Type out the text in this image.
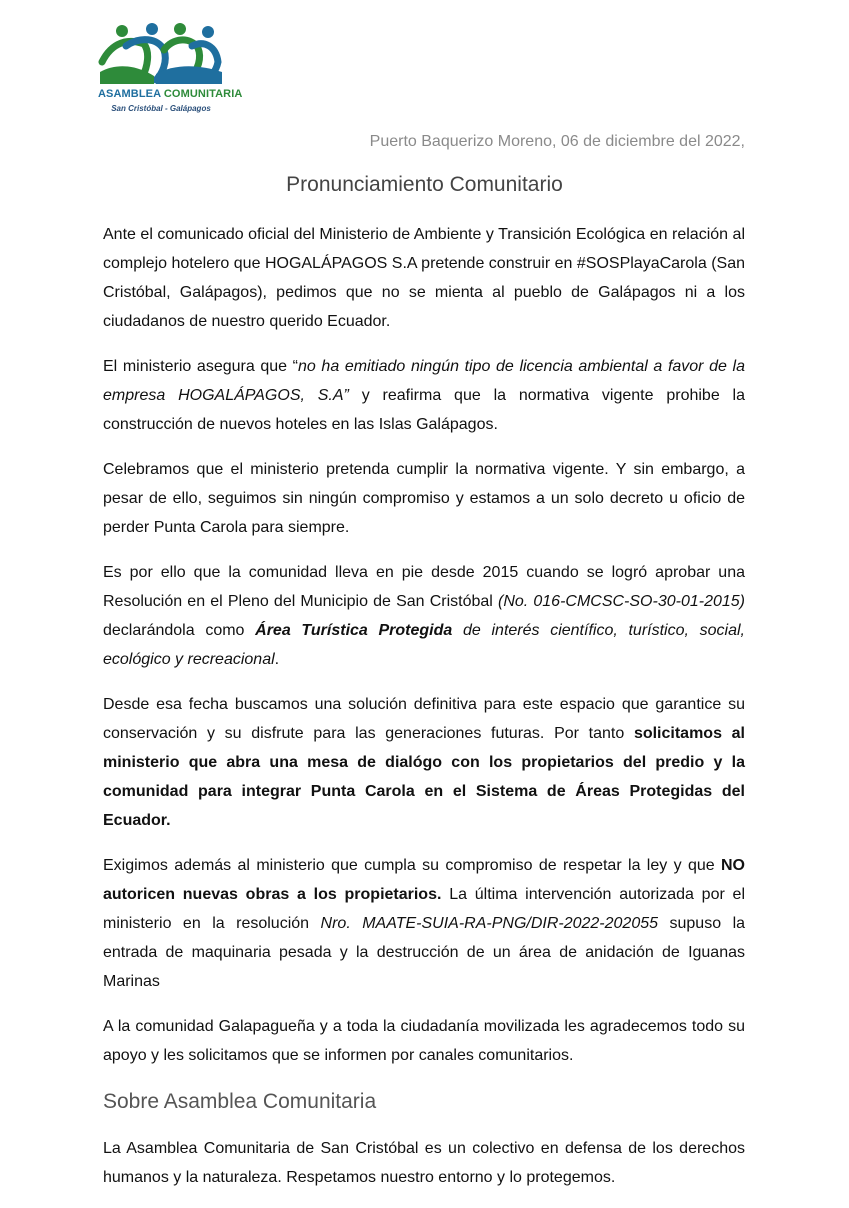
ASAMBLEA COMUNITARIA
San Cristóbal - Galápagos
Puerto Baquerizo Moreno, 06 de diciembre del 2022,
Pronunciamiento Comunitario

Ante el comunicado oficial del Ministerio de Ambiente y Transición Ecológica en relación al complejo hotelero que HOGALÁPAGOS S.A pretende construir en #SOSPlayaCarola (San Cristóbal, Galápagos), pedimos que no se mienta al pueblo de Galápagos ni a los ciudadanos de nuestro querido Ecuador.

El ministerio asegura que “no ha emitiado ningún tipo de licencia ambiental a favor de la empresa HOGALÁPAGOS, S.A” y reafirma que la normativa vigente prohibe la construcción de nuevos hoteles en las Islas Galápagos.

Celebramos que el ministerio pretenda cumplir la normativa vigente. Y sin embargo, a pesar de ello, seguimos sin ningún compromiso y estamos a un solo decreto u oficio de perder Punta Carola para siempre.

Es por ello que la comunidad lleva en pie desde 2015 cuando se logró aprobar una Resolución en el Pleno del Municipio de San Cristóbal (No. 016-CMCSC-SO-30-01-2015) declarándola como Área Turística Protegida de interés científico, turístico, social, ecológico y recreacional.

Desde esa fecha buscamos una solución definitiva para este espacio que garantice su conservación y su disfrute para las generaciones futuras. Por tanto solicitamos al ministerio que abra una mesa de dialógo con los propietarios del predio y la comunidad para integrar Punta Carola en el Sistema de Áreas Protegidas del Ecuador.

Exigimos además al ministerio que cumpla su compromiso de respetar la ley y que NO autoricen nuevas obras a los propietarios. La última intervención autorizada por el ministerio en la resolución Nro. MAATE-SUIA-RA-PNG/DIR-2022-202055 supuso la entrada de maquinaria pesada y la destrucción de un área de anidación de Iguanas Marinas

A la comunidad Galapagueña y a toda la ciudadanía movilizada les agradecemos todo su apoyo y les solicitamos que se informen por canales comunitarios.

Sobre Asamblea Comunitaria

La Asamblea Comunitaria de San Cristóbal es un colectivo en defensa de los derechos humanos y la naturaleza. Respetamos nuestro entorno y lo protegemos.
